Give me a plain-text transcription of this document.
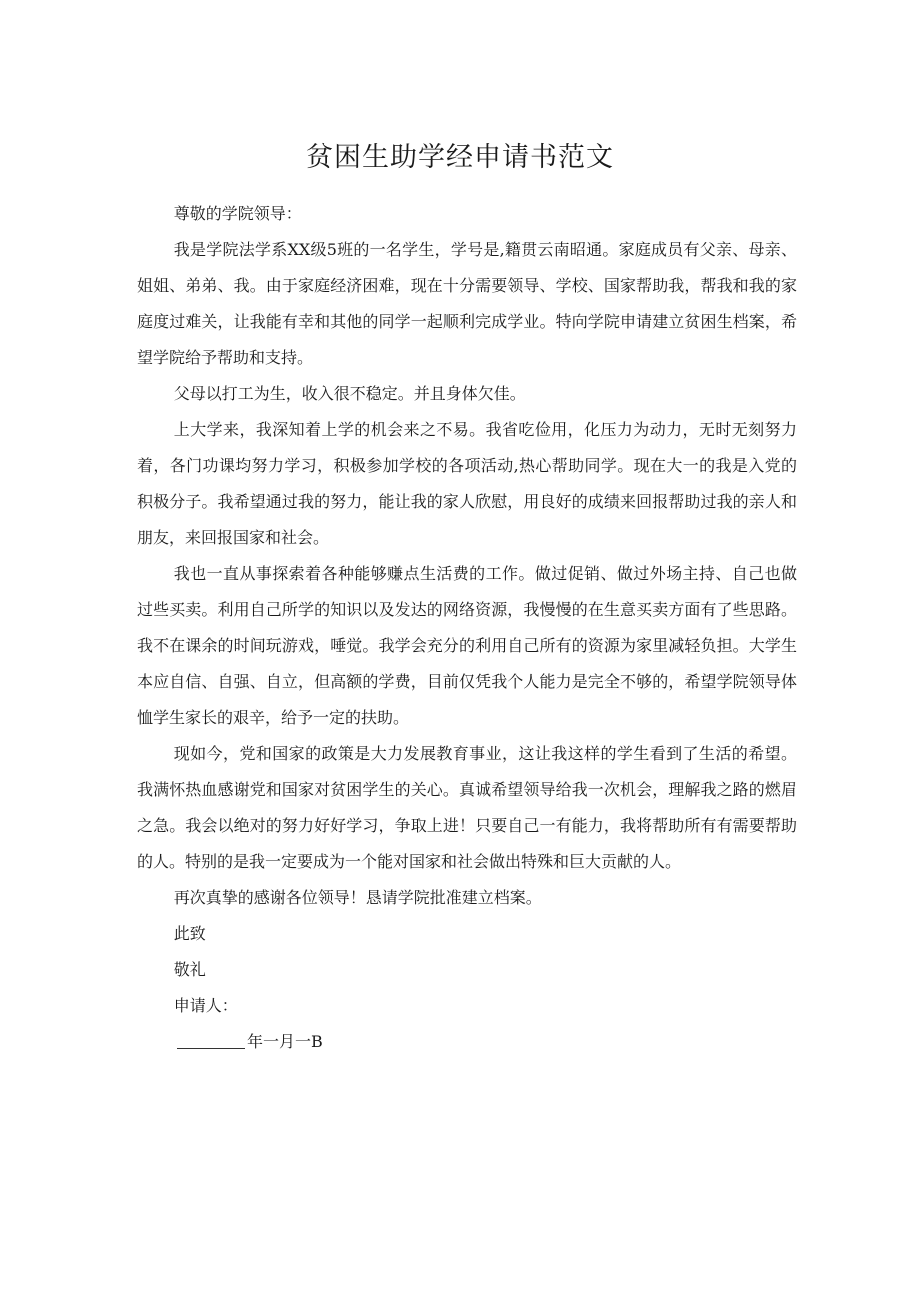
贫困生助学经申请书范文

尊敬的学院领导：

我是学院法学系XX级5班的一名学生，学号是,籍贯云南昭通。家庭成员有父亲、母亲、姐姐、弟弟、我。由于家庭经济困难，现在十分需要领导、学校、国家帮助我，帮我和我的家庭度过难关，让我能有幸和其他的同学一起顺利完成学业。特向学院申请建立贫困生档案，希望学院给予帮助和支持。

父母以打工为生，收入很不稳定。并且身体欠佳。

上大学来，我深知着上学的机会来之不易。我省吃俭用，化压力为动力，无时无刻努力着，各门功课均努力学习，积极参加学校的各项活动,热心帮助同学。现在大一的我是入党的积极分子。我希望通过我的努力，能让我的家人欣慰，用良好的成绩来回报帮助过我的亲人和朋友，来回报国家和社会。

我也一直从事探索着各种能够赚点生活费的工作。做过促销、做过外场主持、自己也做过些买卖。利用自己所学的知识以及发达的网络资源，我慢慢的在生意买卖方面有了些思路。我不在课余的时间玩游戏，唾觉。我学会充分的利用自己所有的资源为家里减轻负担。大学生本应自信、自强、自立，但高额的学费，目前仅凭我个人能力是完全不够的，希望学院领导体恤学生家长的艰辛，给予一定的扶助。

现如今，党和国家的政策是大力发展教育事业，这让我这样的学生看到了生活的希望。我满怀热血感谢党和国家对贫困学生的关心。真诚希望领导给我一次机会，理解我之路的燃眉之急。我会以绝对的努力好好学习，争取上进！只要自己一有能力，我将帮助所有有需要帮助的人。特别的是我一定要成为一个能对国家和社会做出特殊和巨大贡献的人。

再次真挚的感谢各位领导！恳请学院批准建立档案。

此致

敬礼

申请人：

年一月一B
